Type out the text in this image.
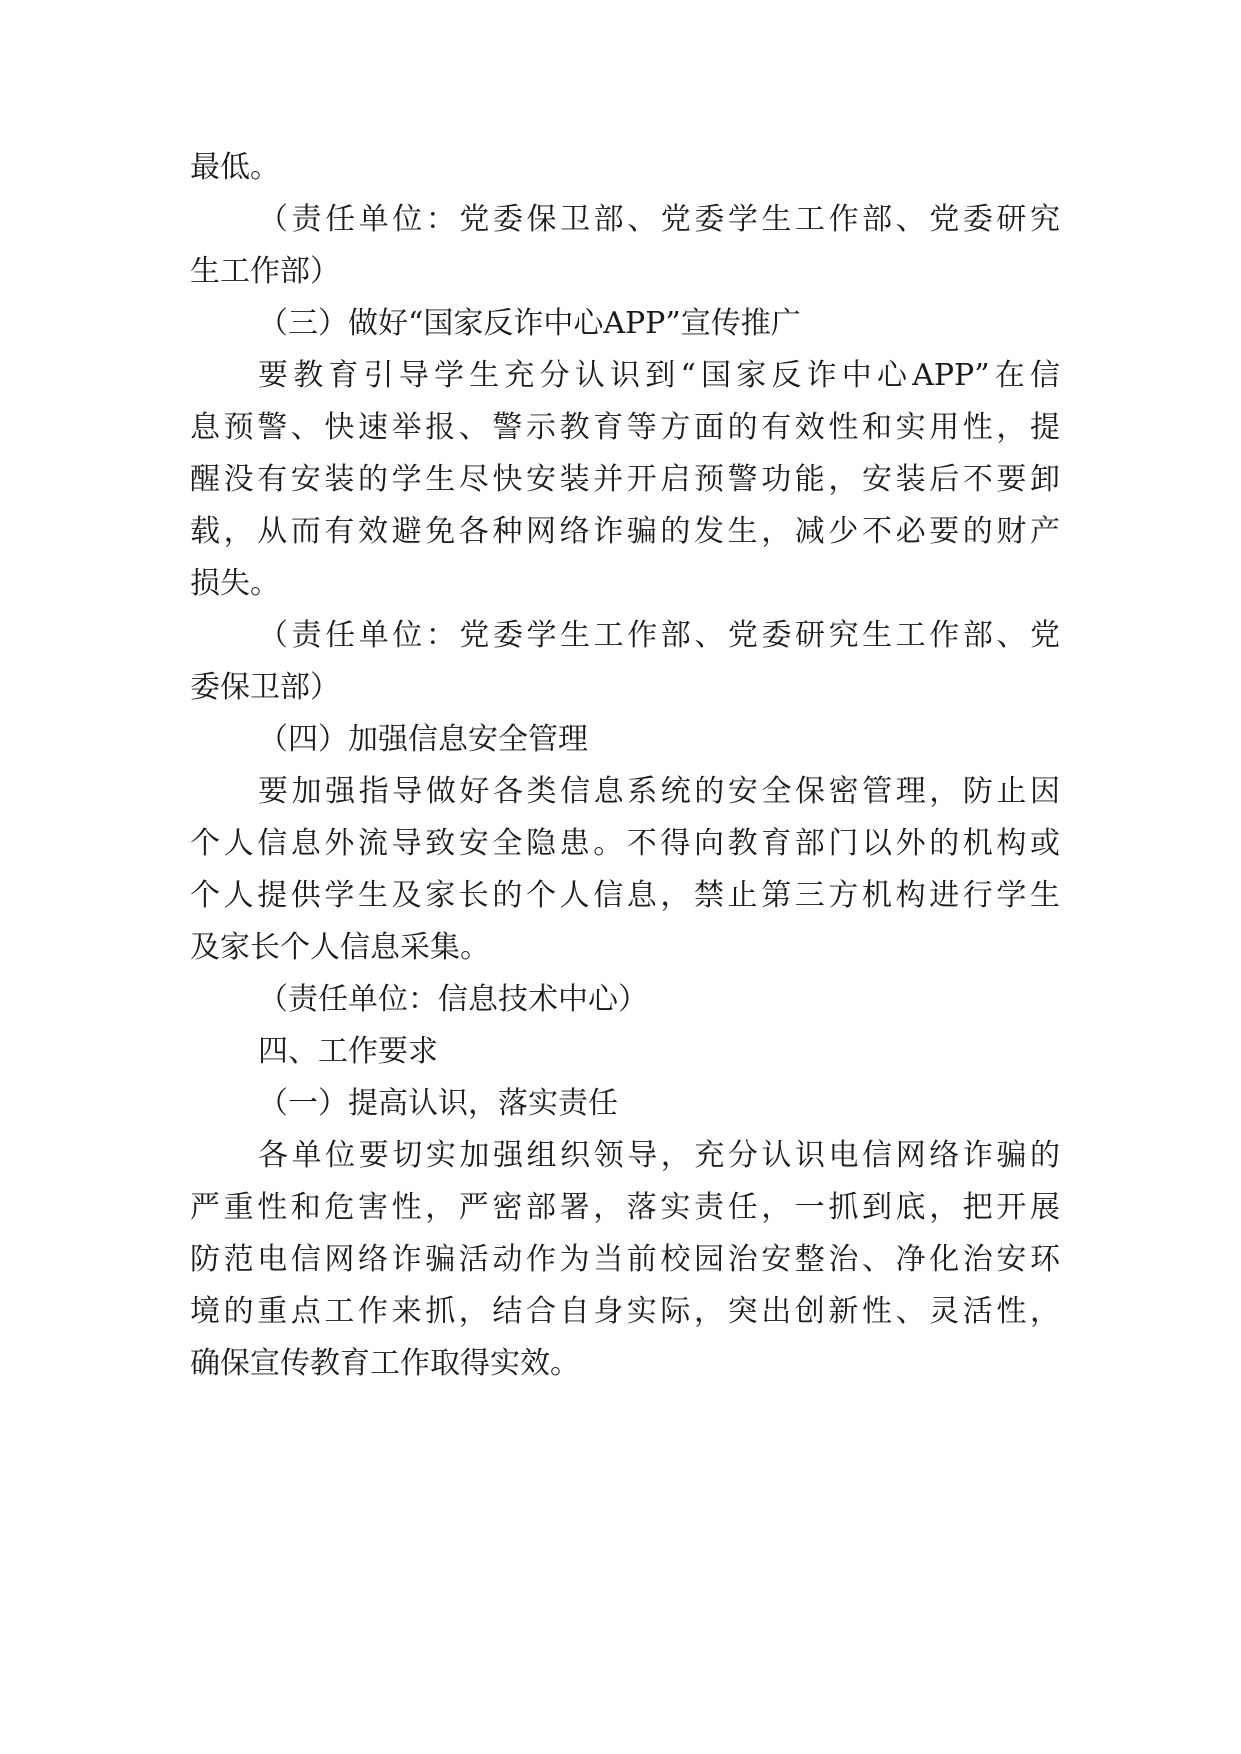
最低。
（责任单位：党委保卫部、党委学生工作部、党委研究
生工作部）
（三）做好“国家反诈中心APP”宣传推广
要教育引导学生充分认识到“国家反诈中心APP”在信
息预警、快速举报、警示教育等方面的有效性和实用性，提
醒没有安装的学生尽快安装并开启预警功能，安装后不要卸
载，从而有效避免各种网络诈骗的发生，减少不必要的财产
损失。
（责任单位：党委学生工作部、党委研究生工作部、党
委保卫部）
（四）加强信息安全管理
要加强指导做好各类信息系统的安全保密管理，防止因
个人信息外流导致安全隐患。不得向教育部门以外的机构或
个人提供学生及家长的个人信息，禁止第三方机构进行学生
及家长个人信息采集。
（责任单位：信息技术中心）
四、工作要求
（一）提高认识，落实责任
各单位要切实加强组织领导，充分认识电信网络诈骗的
严重性和危害性，严密部署，落实责任，一抓到底，把开展
防范电信网络诈骗活动作为当前校园治安整治、净化治安环
境的重点工作来抓，结合自身实际，突出创新性、灵活性，
确保宣传教育工作取得实效。
